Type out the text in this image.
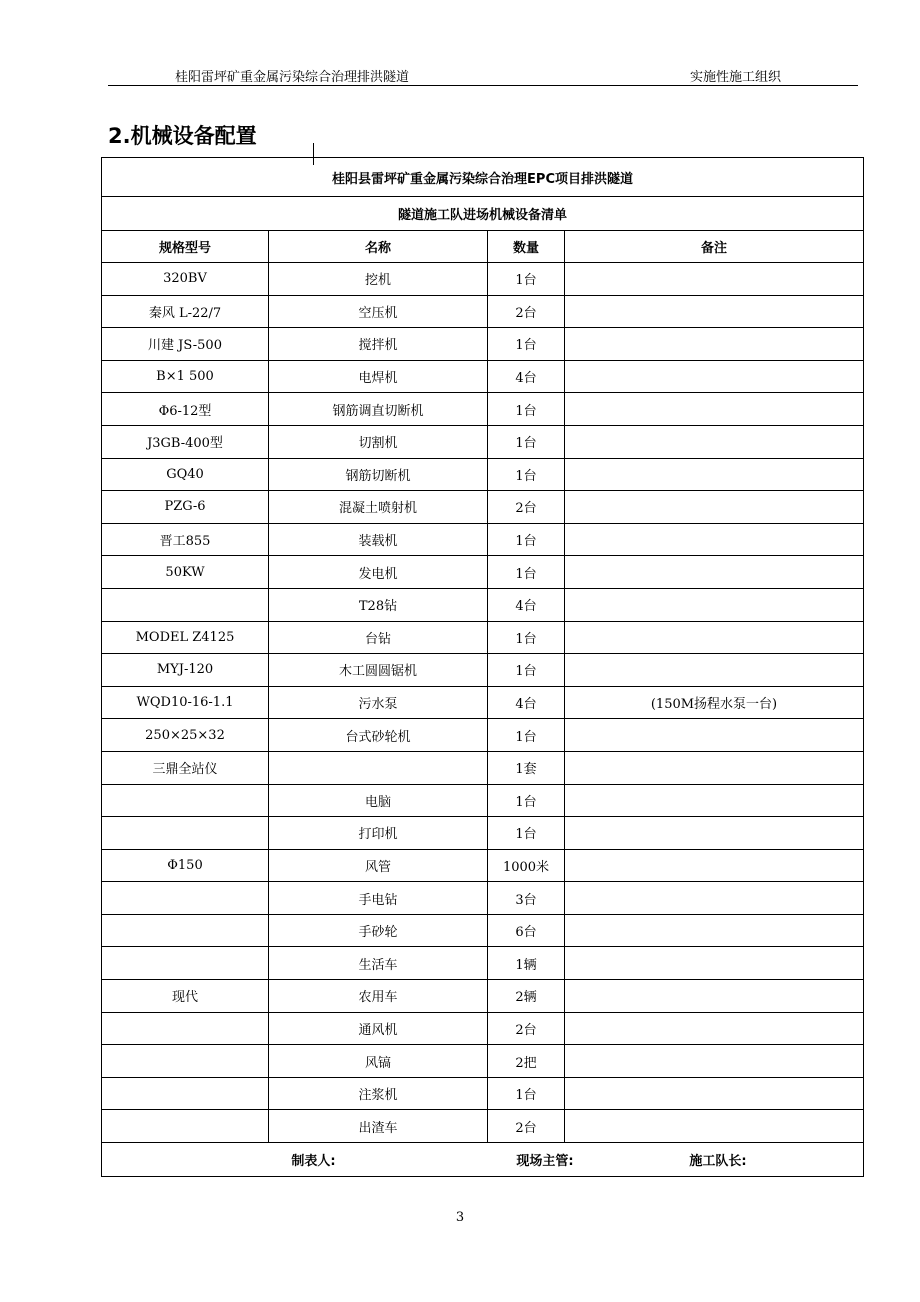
桂阳雷坪矿重金属污染综合治理排洪隧道	实施性施工组织
2.机械设备配置
桂阳县雷坪矿重金属污染综合治理EPC项目排洪隧道			
隧道施工队进场机械设备清单			
规格型号	名称	数量	备注
320BV	挖机	1台	
秦风 L-22/7	空压机	2台	
川建 JS-500	搅拌机	1台	
B×1 500	电焊机	4台	
Φ6-12型	钢筋调直切断机	1台	
J3GB-400型	切割机	1台	
GQ40	钢筋切断机	1台	
PZG-6	混凝土喷射机	2台	
晋工855	装载机	1台	
50KW	发电机	1台	
	T28钻	4台	
MODEL Z4125	台钻	1台	
MYJ-120	木工圆圆锯机	1台	
WQD10-16-1.1	污水泵	4台	(150M扬程水泵一台)
250×25×32	台式砂轮机	1台	
三鼎全站仪		1套	
	电脑	1台	
	打印机	1台	
Φ150	风管	1000米	
	手电钻	3台	
	手砂轮	6台	
	生活车	1辆	
现代	农用车	2辆	
	通风机	2台	
	风镐	2把	
	注浆机	1台	
	出渣车	2台	
制表人: 现场主管: 施工队长:			
3
